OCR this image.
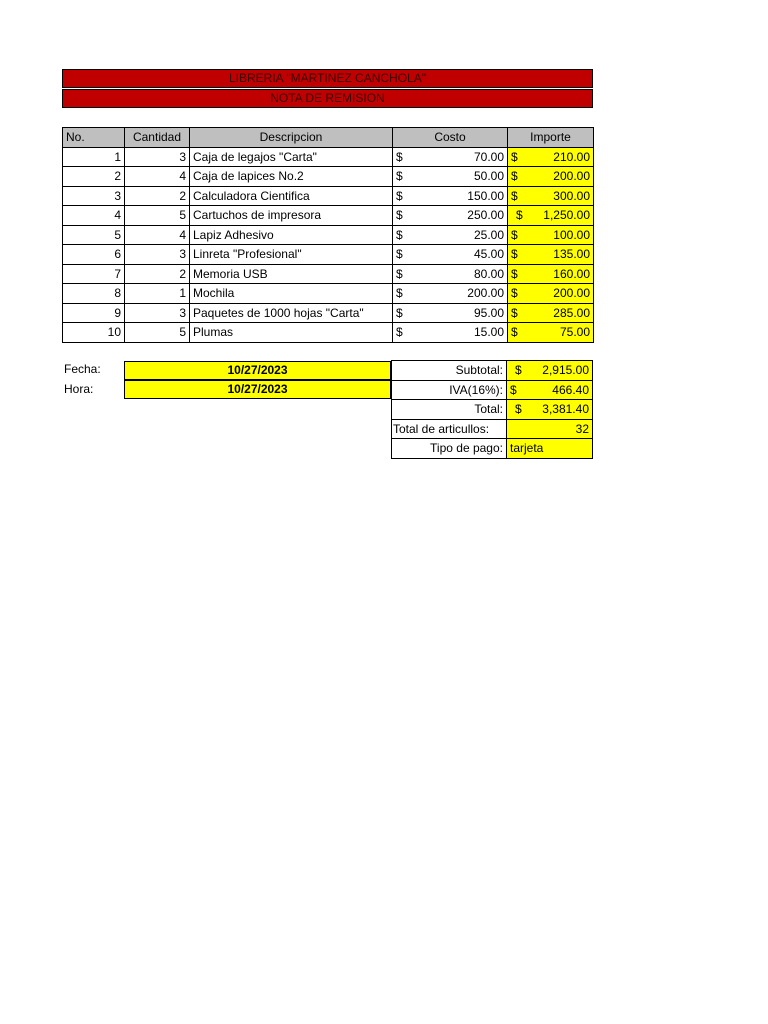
LIBRERIA "MARTINEZ CANCHOLA"
NOTA DE REMISION
No.	Cantidad	Descripcion	Costo	Importe
1	3	Caja de legajos "Carta"	$ 70.00	$ 210.00

2	4	Caja de lapices No.2	$ 50.00	$ 200.00

3	2	Calculadora Cientifica	$ 150.00	$ 300.00

4	5	Cartuchos de impresora	$ 250.00	$ 1,250.00

5	4	Lapiz Adhesivo	$ 25.00	$ 100.00

6	3	Linreta "Profesional"	$ 45.00	$ 135.00

7	2	Memoria USB	$ 80.00	$ 160.00

8	1	Mochila	$ 200.00	$ 200.00

9	3	Paquetes de 1000 hojas "Carta"	$ 95.00	$ 285.00

10	5	Plumas	$ 15.00	$ 75.00
Fecha:	10/27/2023
Hora:	10/27/2023
Subtotal:	$ 2,915.00

IVA(16%):	$ 466.40

Total:	$ 3,381.40

Total de articullos:	32
Tipo de pago:	tarjeta
